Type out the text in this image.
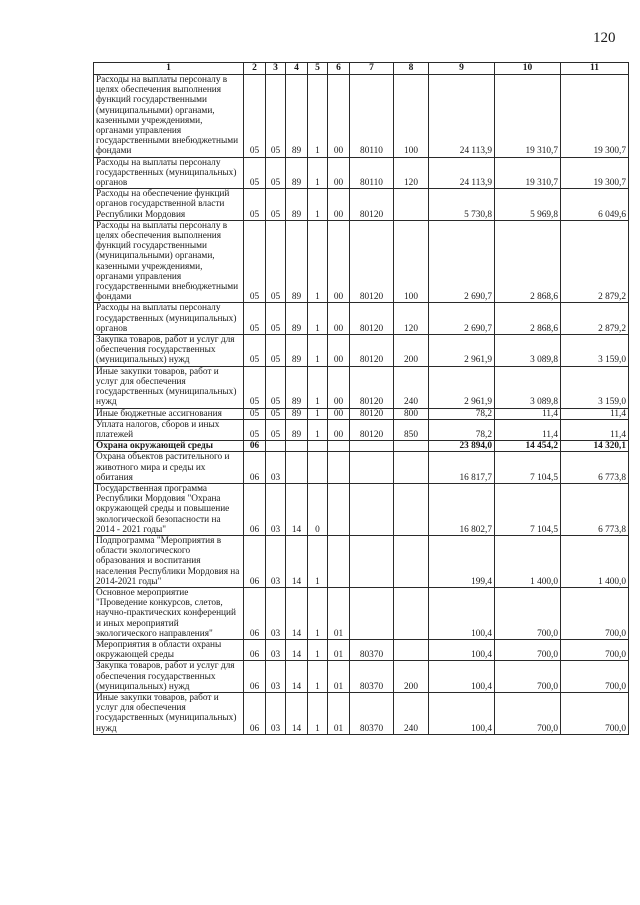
120
1	2	3	4	5	6	7	8	9	10	11
Расходы на выплаты персоналу в целях обеспечения выполнения функций государственными (муниципальными) органами, казенными учреждениями, органами управления государственными внебюджетными фондами	05	05	89	1	00	80110	100	24 113,9	19 310,7	19 300,7
Расходы на выплаты персоналу государственных (муниципальных) органов	05	05	89	1	00	80110	120	24 113,9	19 310,7	19 300,7
Расходы на обеспечение функций органов государственной власти Республики Мордовия	05	05	89	1	00	80120		5 730,8	5 969,8	6 049,6
Расходы на выплаты персоналу в целях обеспечения выполнения функций государственными (муниципальными) органами, казенными учреждениями, органами управления государственными внебюджетными фондами	05	05	89	1	00	80120	100	2 690,7	2 868,6	2 879,2
Расходы на выплаты персоналу государственных (муниципальных) органов	05	05	89	1	00	80120	120	2 690,7	2 868,6	2 879,2
Закупка товаров, работ и услуг для обеспечения государственных (муниципальных) нужд	05	05	89	1	00	80120	200	2 961,9	3 089,8	3 159,0
Иные закупки товаров, работ и услуг для обеспечения государственных (муниципальных) нужд	05	05	89	1	00	80120	240	2 961,9	3 089,8	3 159,0
Иные бюджетные ассигнования	05	05	89	1	00	80120	800	78,2	11,4	11,4
Уплата налогов, сборов и иных платежей	05	05	89	1	00	80120	850	78,2	11,4	11,4
Охрана окружающей среды	06							23 894,0	14 454,2	14 320,1
Охрана объектов растительного и животного мира и среды их обитания	06	03						16 817,7	7 104,5	6 773,8
Государственная программа Республики Мордовия "Охрана окружающей среды и повышение экологической безопасности на 2014 - 2021 годы"	06	03	14	0				16 802,7	7 104,5	6 773,8
Подпрограмма "Мероприятия в области экологического образования и воспитания населения Республики Мордовия на 2014-2021 годы"	06	03	14	1				199,4	1 400,0	1 400,0
Основное мероприятие "Проведение конкурсов, слетов, научно-практических конференций и иных мероприятий экологического направления"	06	03	14	1	01			100,4	700,0	700,0
Мероприятия в области охраны окружающей среды	06	03	14	1	01	80370		100,4	700,0	700,0
Закупка товаров, работ и услуг для обеспечения государственных (муниципальных) нужд	06	03	14	1	01	80370	200	100,4	700,0	700,0
Иные закупки товаров, работ и услуг для обеспечения государственных (муниципальных) нужд	06	03	14	1	01	80370	240	100,4	700,0	700,0
